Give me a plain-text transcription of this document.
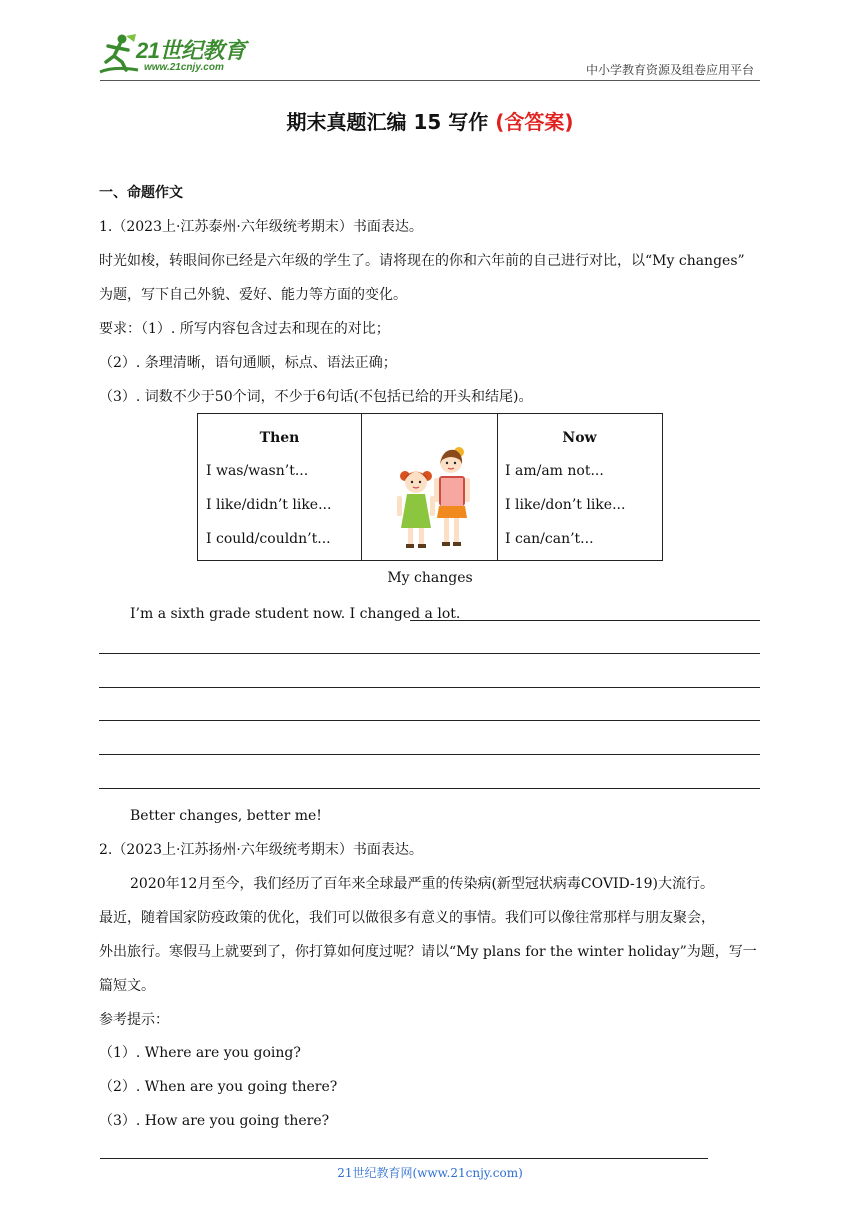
21世纪教育
www.21cnjy.com	中小学教育资源及组卷应用平台
期末真题汇编 15 写作 (含答案)
一、命题作文
1.（2023上·江苏泰州·六年级统考期末）书面表达。
时光如梭，转眼间你已经是六年级的学生了。请将现在的你和六年前的自己进行对比，以“My changes”
为题，写下自己外貌、爱好、能力等方面的变化。
要求：（1）. 所写内容包含过去和现在的对比；
（2）. 条理清晰，语句通顺，标点、语法正确；
（3）. 词数不少于50个词，不少于6句话(不包括已给的开头和结尾)。
Then
I was/wasn’t...
I like/didn’t like...
I could/couldn’t...
Now
I am/am not...
I like/don’t like...
I can/can’t...
My changes
I’m a sixth grade student now. I changed a lot.
Better changes, better me!
2.（2023上·江苏扬州·六年级统考期末）书面表达。
2020年12月至今，我们经历了百年来全球最严重的传染病(新型冠状病毒COVID-19)大流行。
最近，随着国家防疫政策的优化，我们可以做很多有意义的事情。我们可以像往常那样与朋友聚会，
外出旅行。寒假马上就要到了，你打算如何度过呢？请以“My plans for the winter holiday”为题，写一
篇短文。
参考提示：
（1）. Where are you going?
（2）. When are you going there?
（3）. How are you going there?
21世纪教育网(www.21cnjy.com)
